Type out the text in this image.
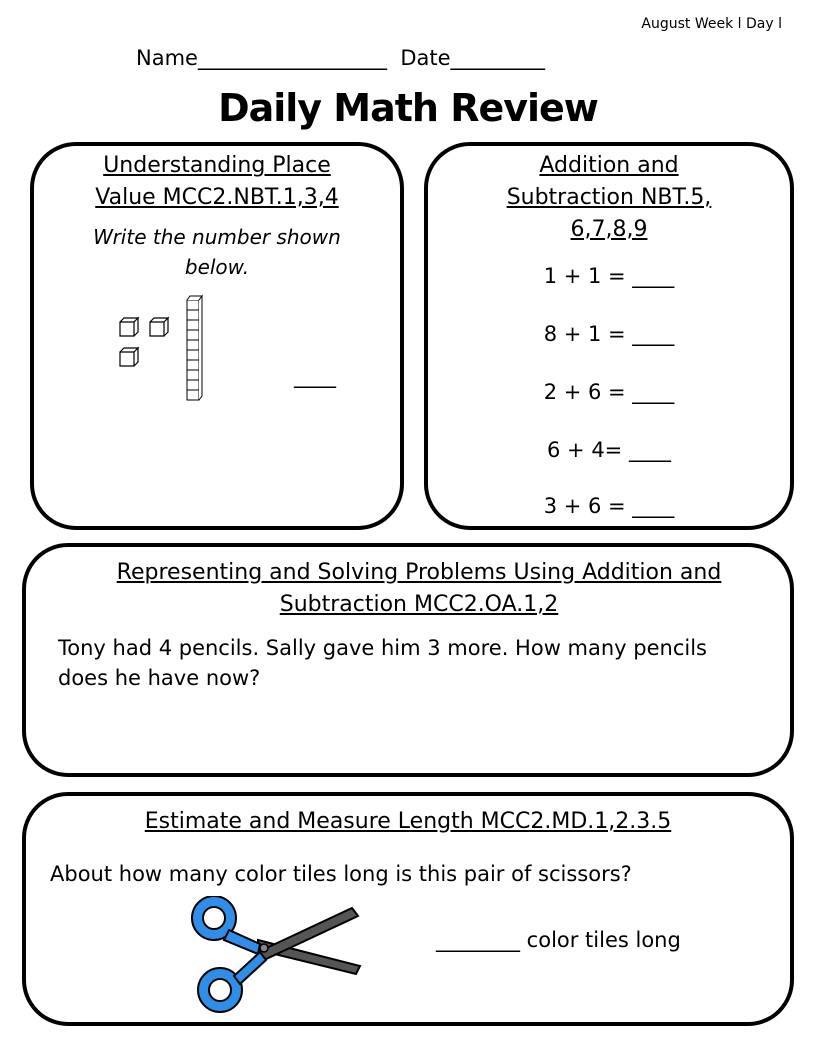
August Week l Day l
Name__________________ Date_________
Daily Math Review
Understanding Place
Value MCC2.NBT.1,3,4
Write the number shown
below.
____
Addition and
Subtraction NBT.5,
6,7,8,9
1 + 1 = ____
8 + 1 = ____
2 + 6 = ____
6 + 4= ____
3 + 6 = ____
Representing and Solving Problems Using Addition and
Subtraction MCC2.OA.1,2
Tony had 4 pencils. Sally gave him 3 more. How many pencils
does he have now?
Estimate and Measure Length MCC2.MD.1,2.3.5
About how many color tiles long is this pair of scissors?
________ color tiles long
